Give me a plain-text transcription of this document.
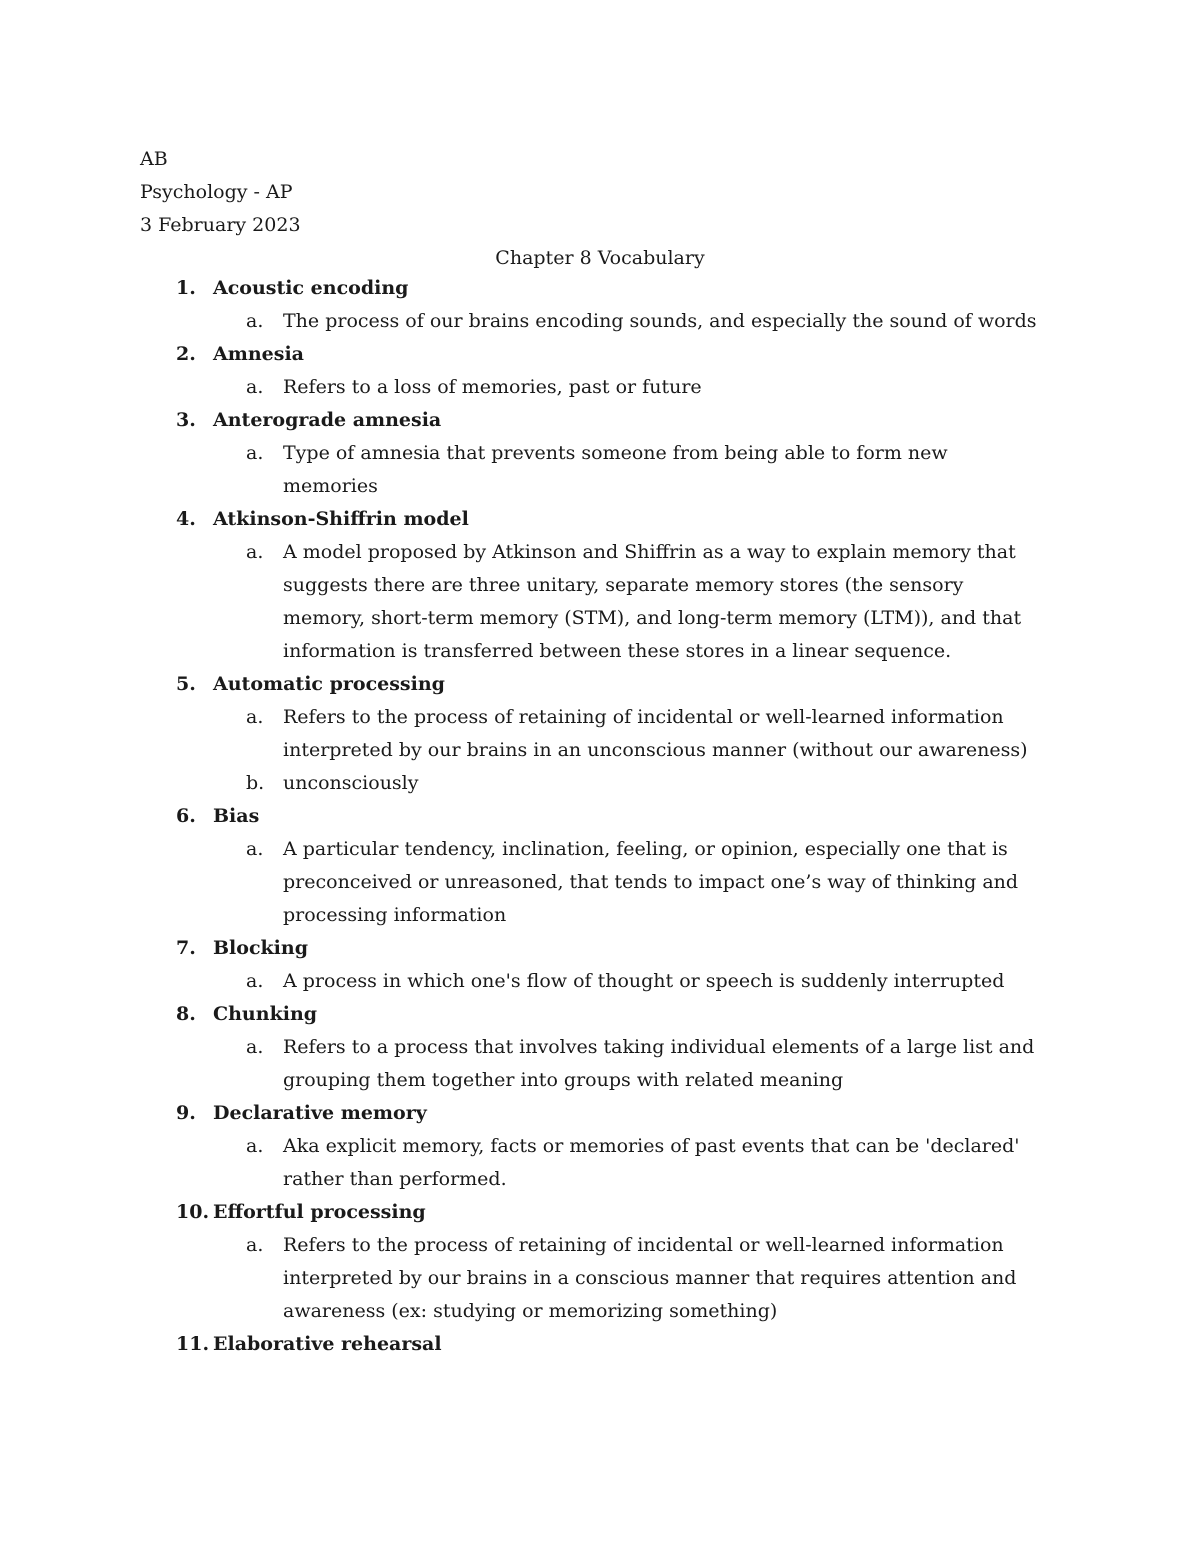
AB
Psychology - AP
3 February 2023
Chapter 8 Vocabulary
1. Acoustic encoding
a. The process of our brains encoding sounds, and especially the sound of words
2. Amnesia
a. Refers to a loss of memories, past or future
3. Anterograde amnesia
a. Type of amnesia that prevents someone from being able to form new memories
4. Atkinson-Shiffrin model
a. A model proposed by Atkinson and Shiffrin as a way to explain memory that suggests there are three unitary, separate memory stores (the sensory memory, short-term memory (STM), and long-term memory (LTM)), and that information is transferred between these stores in a linear sequence.
5. Automatic processing
a. Refers to the process of retaining of incidental or well-learned information interpreted by our brains in an unconscious manner (without our awareness)
b. unconsciously
6. Bias
a. A particular tendency, inclination, feeling, or opinion, especially one that is preconceived or unreasoned, that tends to impact one’s way of thinking and processing information
7. Blocking
a. A process in which one's flow of thought or speech is suddenly interrupted
8. Chunking
a. Refers to a process that involves taking individual elements of a large list and grouping them together into groups with related meaning
9. Declarative memory
a. Aka explicit memory, facts or memories of past events that can be 'declared' rather than performed.
10. Effortful processing
a. Refers to the process of retaining of incidental or well-learned information interpreted by our brains in a conscious manner that requires attention and awareness (ex: studying or memorizing something)
11. Elaborative rehearsal
